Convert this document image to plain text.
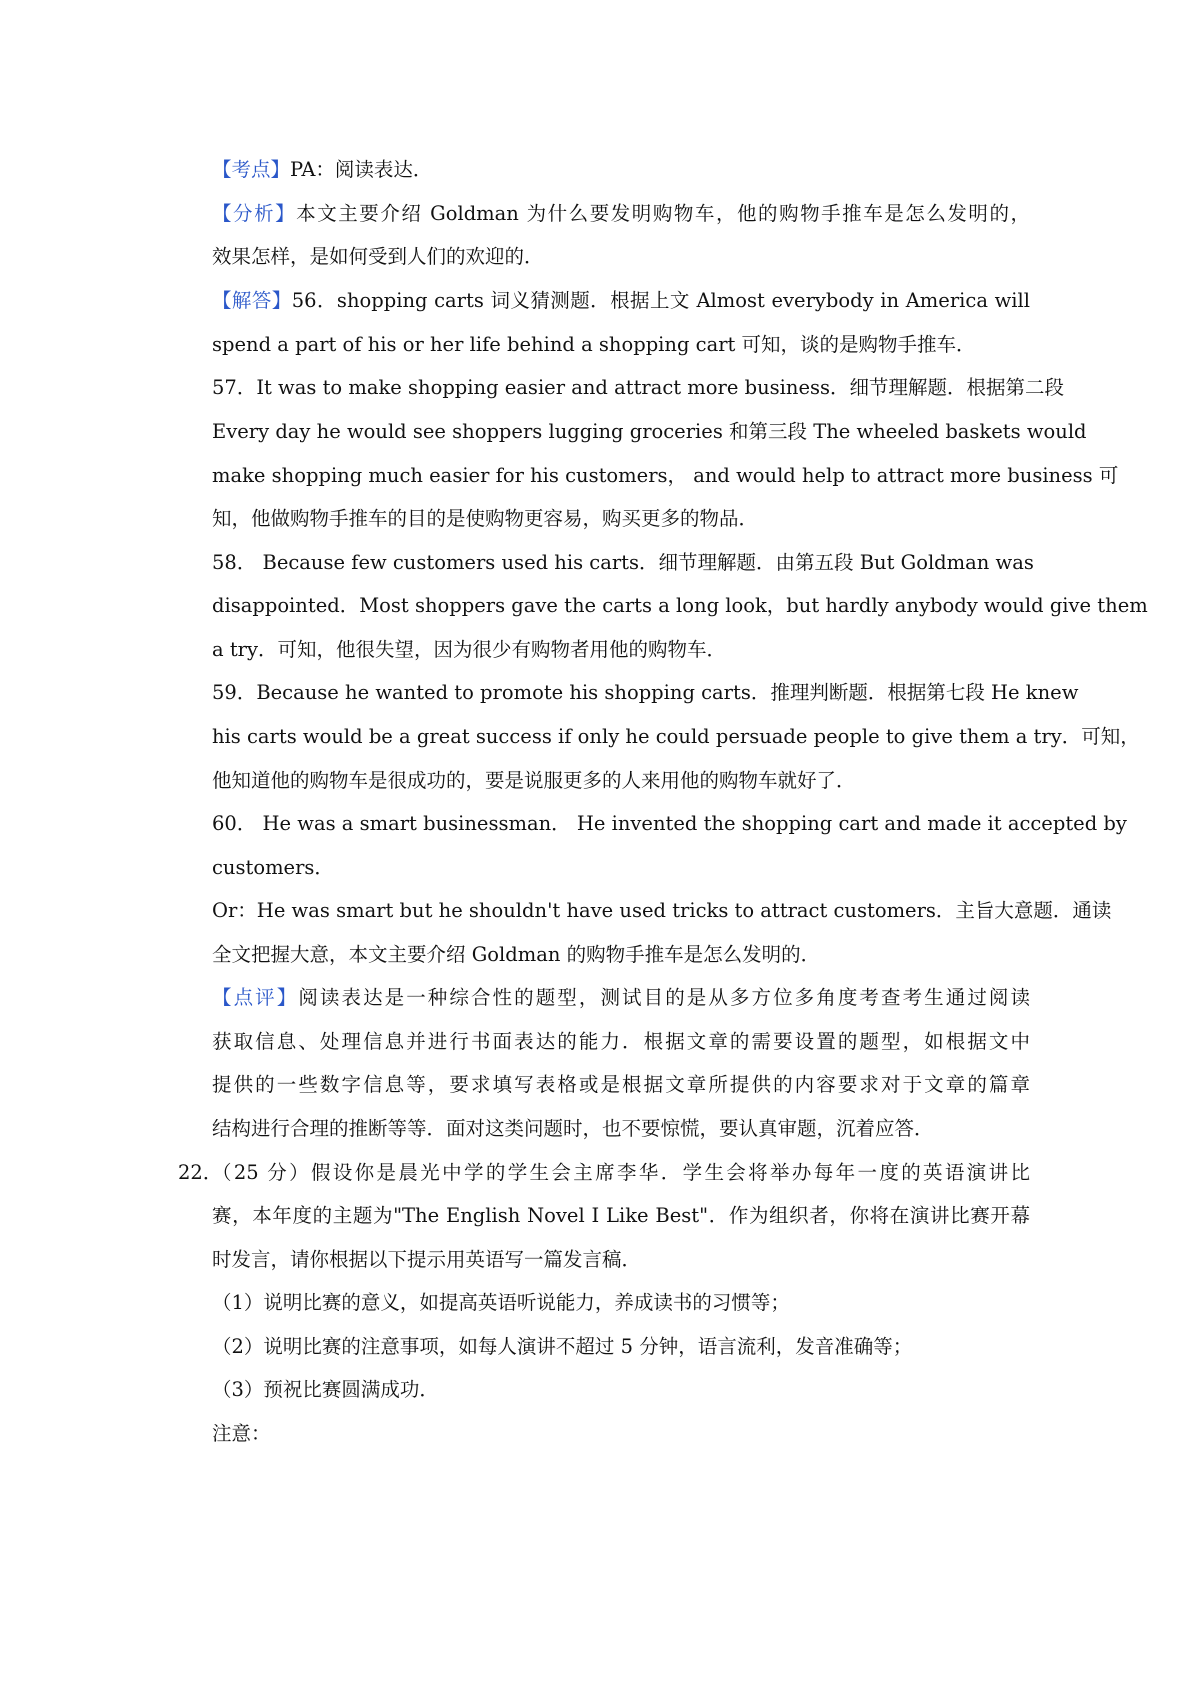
【考点】PA：阅读表达．
【分析】本文主要介绍 Goldman 为什么要发明购物车，他的购物手推车是怎么发明的，
效果怎样，是如何受到人们的欢迎的．
【解答】56．shopping carts 词义猜测题．根据上文 Almost everybody in America will
spend a part of his or her life behind a shopping cart 可知，谈的是购物手推车．
57．It was to make shopping easier and attract more business．细节理解题．根据第二段
Every day he would see shoppers lugging groceries 和第三段 The wheeled baskets would
make shopping much easier for his customers， and would help to attract more business 可
知，他做购物手推车的目的是使购物更容易，购买更多的物品．
58． Because few customers used his carts．细节理解题．由第五段 But Goldman was
disappointed．Most shoppers gave the carts a long look，but hardly anybody would give them
a try．可知，他很失望，因为很少有购物者用他的购物车．
59．Because he wanted to promote his shopping carts．推理判断题．根据第七段 He knew
his carts would be a great success if only he could persuade people to give them a try．可知，
他知道他的购物车是很成功的，要是说服更多的人来用他的购物车就好了．
60． He was a smart businessman． He invented the shopping cart and made it accepted by
customers．
Or：He was smart but he shouldn't have used tricks to attract customers．主旨大意题．通读
全文把握大意，本文主要介绍 Goldman 的购物手推车是怎么发明的．
【点评】阅读表达是一种综合性的题型，测试目的是从多方位多角度考查考生通过阅读
获取信息、处理信息并进行书面表达的能力．根据文章的需要设置的题型，如根据文中
提供的一些数字信息等，要求填写表格或是根据文章所提供的内容要求对于文章的篇章
结构进行合理的推断等等．面对这类问题时，也不要惊慌，要认真审题，沉着应答．
22．
（25 分）假设你是晨光中学的学生会主席李华．学生会将举办每年一度的英语演讲比
赛，本年度的主题为"The English Novel I Like Best"．作为组织者，你将在演讲比赛开幕
时发言，请你根据以下提示用英语写一篇发言稿．
（1）说明比赛的意义，如提高英语听说能力，养成读书的习惯等；
（2）说明比赛的注意事项，如每人演讲不超过 5 分钟，语言流利，发音准确等；
（3）预祝比赛圆满成功．
注意：
